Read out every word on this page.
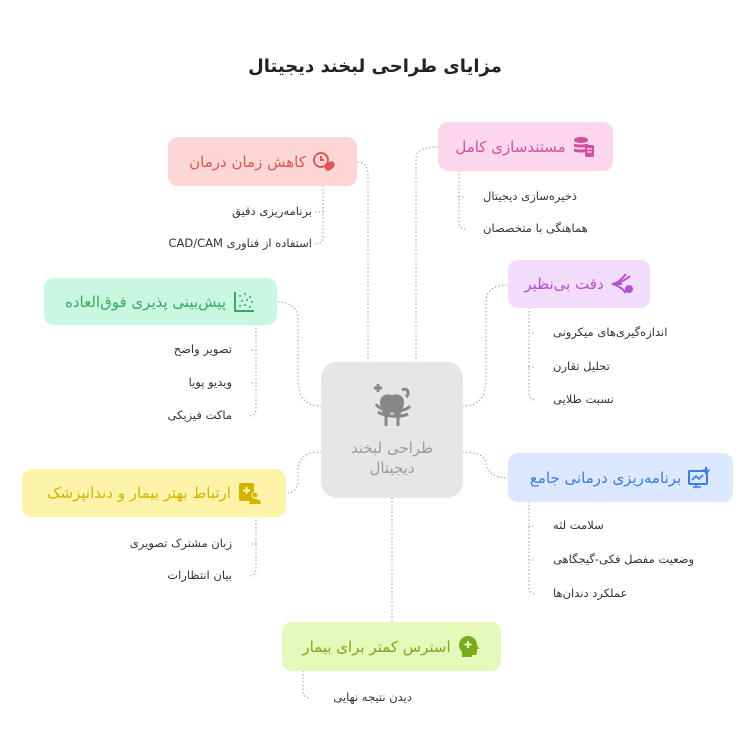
مزایای طراحی لبخند دیجیتال
طراحی لبخند
دیجیتال
کاهش زمان درمان
برنامه‌ریزی دقیق
استفاده از فناوری CAD/CAM
مستندسازی کامل
ذخیره‌سازی دیجیتال
هماهنگی با متخصصان
دقت بی‌نظیر
اندازه‌گیری‌های میکرونی
تحلیل تقارن
نسبت طلایی
پیش‌بینی پذیری فوق‌العاده
تصویر واضح
ویدیو پویا
ماکت فیزیکی
برنامه‌ریزی درمانی جامع
سلامت لثه
وضعیت مفصل فکی-گیجگاهی
عملکرد دندان‌ها
ارتباط بهتر بیمار و دندانپزشک
زبان مشترک تصویری
بیان انتظارات
استرس کمتر برای بیمار
دیدن نتیجه نهایی
